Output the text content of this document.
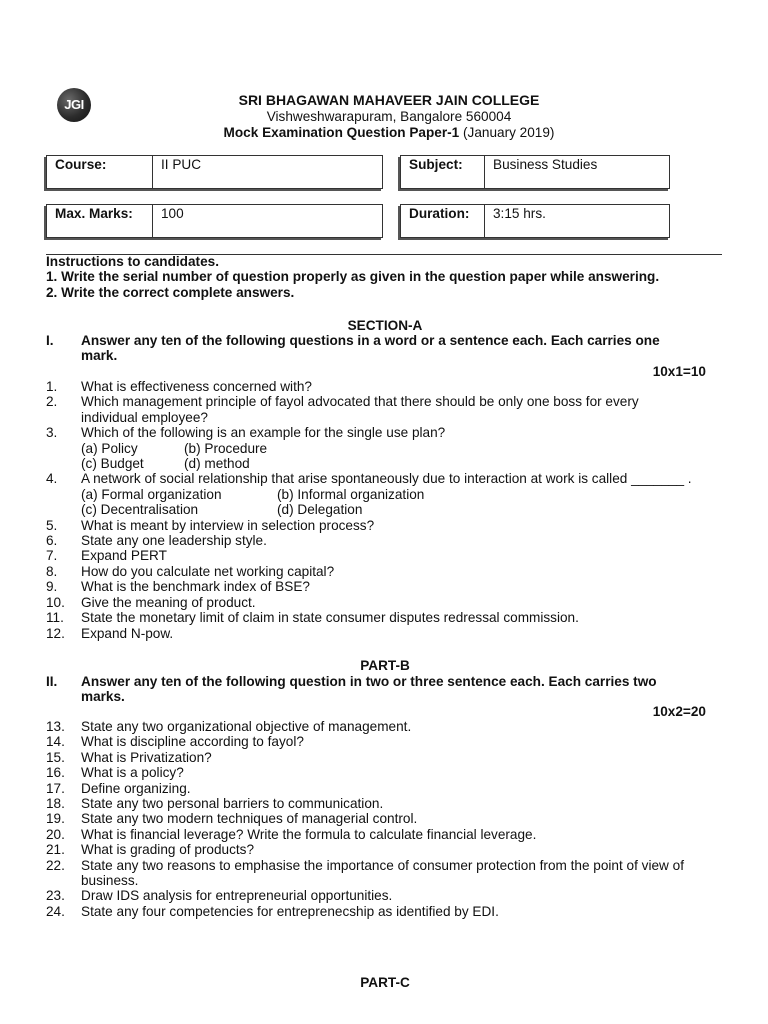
JGI	SRI BHAGAWAN MAHAVEER JAIN COLLEGE
Vishweshwarapuram, Bangalore 560004
Mock Examination Question Paper-1 (January 2019)
Course:	II PUC	Subject:	Business Studies
Max. Marks:	100	Duration:	3:15 hrs.
Instructions to candidates.
1. Write the serial number of question properly as given in the question paper while answering.
2. Write the correct complete answers.
SECTION-A
I.	Answer any ten of the following questions in a word or a sentence each. Each carries one mark.
10x1=10
1.	What is effectiveness concerned with?
2.	Which management principle of fayol advocated that there should be only one boss for every individual employee?
3.	Which of the following is an example for the single use plan?
(a) Policy	(b) Procedure
(c) Budget	(d) method
4.	A network of social relationship that arise spontaneously due to interaction at work is called _______ .
(a) Formal organization	(b) Informal organization
(c) Decentralisation	(d) Delegation
5.	What is meant by interview in selection process?
6.	State any one leadership style.
7.	Expand PERT
8.	How do you calculate net working capital?
9.	What is the benchmark index of BSE?
10.	Give the meaning of product.
11.	State the monetary limit of claim in state consumer disputes redressal commission.
12.	Expand N-pow.
PART-B
II.	Answer any ten of the following question in two or three sentence each. Each carries two marks.
10x2=20
13.	State any two organizational objective of management.
14.	What is discipline according to fayol?
15.	What is Privatization?
16.	What is a policy?
17.	Define organizing.
18.	State any two personal barriers to communication.
19.	State any two modern techniques of managerial control.
20.	What is financial leverage? Write the formula to calculate financial leverage.
21.	What is grading of products?
22.	State any two reasons to emphasise the importance of consumer protection from the point of view of business.
23.	Draw IDS analysis for entrepreneurial opportunities.
24.	State any four competencies for entreprenecship as identified by EDI.
PART-C
